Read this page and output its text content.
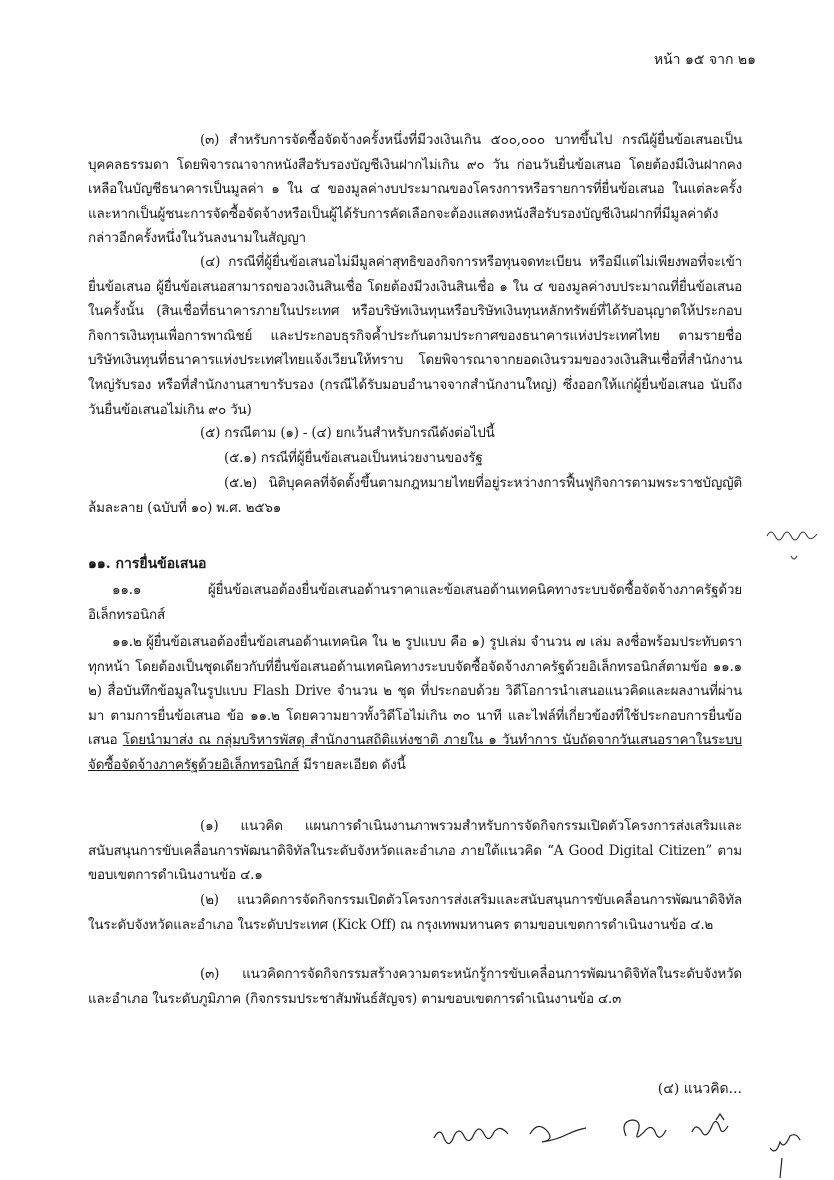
หน้า ๑๕ จาก ๒๑

(๓) สำหรับการจัดซื้อจัดจ้างครั้งหนึ่งที่มีวงเงินเกิน ๕๐๐,๐๐๐ บาทขึ้นไป กรณีผู้ยื่นข้อเสนอเป็นบุคคลธรรมดา โดยพิจารณาจากหนังสือรับรองบัญชีเงินฝากไม่เกิน ๙๐ วัน ก่อนวันยื่นข้อเสนอ โดยต้องมีเงินฝากคงเหลือในบัญชีธนาคารเป็นมูลค่า ๑ ใน ๔ ของมูลค่างบประมาณของโครงการหรือรายการที่ยื่นข้อเสนอ ในแต่ละครั้ง และหากเป็นผู้ชนะการจัดซื้อจัดจ้างหรือเป็นผู้ได้รับการคัดเลือกจะต้องแสดงหนังสือรับรองบัญชีเงินฝากที่มีมูลค่าดังกล่าวอีกครั้งหนึ่งในวันลงนามในสัญญา

(๔) กรณีที่ผู้ยื่นข้อเสนอไม่มีมูลค่าสุทธิของกิจการหรือทุนจดทะเบียน หรือมีแต่ไม่เพียงพอที่จะเข้ายื่นข้อเสนอ ผู้ยื่นข้อเสนอสามารถขอวงเงินสินเชื่อ โดยต้องมีวงเงินสินเชื่อ ๑ ใน ๔ ของมูลค่างบประมาณที่ยื่นข้อเสนอในครั้งนั้น (สินเชื่อที่ธนาคารภายในประเทศ หรือบริษัทเงินทุนหรือบริษัทเงินทุนหลักทรัพย์ที่ได้รับอนุญาตให้ประกอบกิจการเงินทุนเพื่อการพาณิชย์ และประกอบธุรกิจค้ำประกันตามประกาศของธนาคารแห่งประเทศไทย ตามรายชื่อบริษัทเงินทุนที่ธนาคารแห่งประเทศไทยแจ้งเวียนให้ทราบ โดยพิจารณาจากยอดเงินรวมของวงเงินสินเชื่อที่สำนักงานใหญ่รับรอง หรือที่สำนักงานสาขารับรอง (กรณีได้รับมอบอำนาจจากสำนักงานใหญ่) ซึ่งออกให้แก่ผู้ยื่นข้อเสนอ นับถึงวันยื่นข้อเสนอไม่เกิน ๙๐ วัน)

(๕) กรณีตาม (๑) - (๔) ยกเว้นสำหรับกรณีดังต่อไปนี้

(๕.๑) กรณีที่ผู้ยื่นข้อเสนอเป็นหน่วยงานของรัฐ

(๕.๒) นิติบุคคลที่จัดตั้งขึ้นตามกฎหมายไทยที่อยู่ระหว่างการฟื้นฟูกิจการตามพระราชบัญญัติล้มละลาย (ฉบับที่ ๑๐) พ.ศ. ๒๕๖๑

๑๑. การยื่นข้อเสนอ

๑๑.๑ ผู้ยื่นข้อเสนอต้องยื่นข้อเสนอด้านราคาและข้อเสนอด้านเทคนิคทางระบบจัดซื้อจัดจ้างภาครัฐด้วยอิเล็กทรอนิกส์

๑๑.๒ ผู้ยื่นข้อเสนอต้องยื่นข้อเสนอด้านเทคนิค ใน ๒ รูปแบบ คือ ๑) รูปเล่ม จำนวน ๗ เล่ม ลงชื่อพร้อมประทับตราทุกหน้า โดยต้องเป็นชุดเดียวกับที่ยื่นข้อเสนอด้านเทคนิคทางระบบจัดซื้อจัดจ้างภาครัฐด้วยอิเล็กทรอนิกส์ตามข้อ ๑๑.๑ ๒) สื่อบันทึกข้อมูลในรูปแบบ Flash Drive จำนวน ๒ ชุด ที่ประกอบด้วย วิดีโอการนำเสนอแนวคิดและผลงานที่ผ่านมา ตามการยื่นข้อเสนอ ข้อ ๑๑.๒ โดยความยาวทั้งวิดีโอไม่เกิน ๓๐ นาที และไฟล์ที่เกี่ยวข้องที่ใช้ประกอบการยื่นข้อเสนอ โดยนำมาส่ง ณ กลุ่มบริหารพัสดุ สำนักงานสถิติแห่งชาติ ภายใน ๑ วันทำการ นับถัดจากวันเสนอราคาในระบบจัดซื้อจัดจ้างภาครัฐด้วยอิเล็กทรอนิกส์ มีรายละเอียด ดังนี้

(๑) แนวคิด แผนการดำเนินงานภาพรวมสำหรับการจัดกิจกรรมเปิดตัวโครงการส่งเสริมและสนับสนุนการขับเคลื่อนการพัฒนาดิจิทัลในระดับจังหวัดและอำเภอ ภายใต้แนวคิด “A Good Digital Citizen” ตามขอบเขตการดำเนินงานข้อ ๔.๑

(๒) แนวคิดการจัดกิจกรรมเปิดตัวโครงการส่งเสริมและสนับสนุนการขับเคลื่อนการพัฒนาดิจิทัลในระดับจังหวัดและอำเภอ ในระดับประเทศ (Kick Off) ณ กรุงเทพมหานคร ตามขอบเขตการดำเนินงานข้อ ๔.๒

(๓) แนวคิดการจัดกิจกรรมสร้างความตระหนักรู้การขับเคลื่อนการพัฒนาดิจิทัลในระดับจังหวัดและอำเภอ ในระดับภูมิภาค (กิจกรรมประชาสัมพันธ์สัญจร) ตามขอบเขตการดำเนินงานข้อ ๔.๓

(๔) แนวคิด...
